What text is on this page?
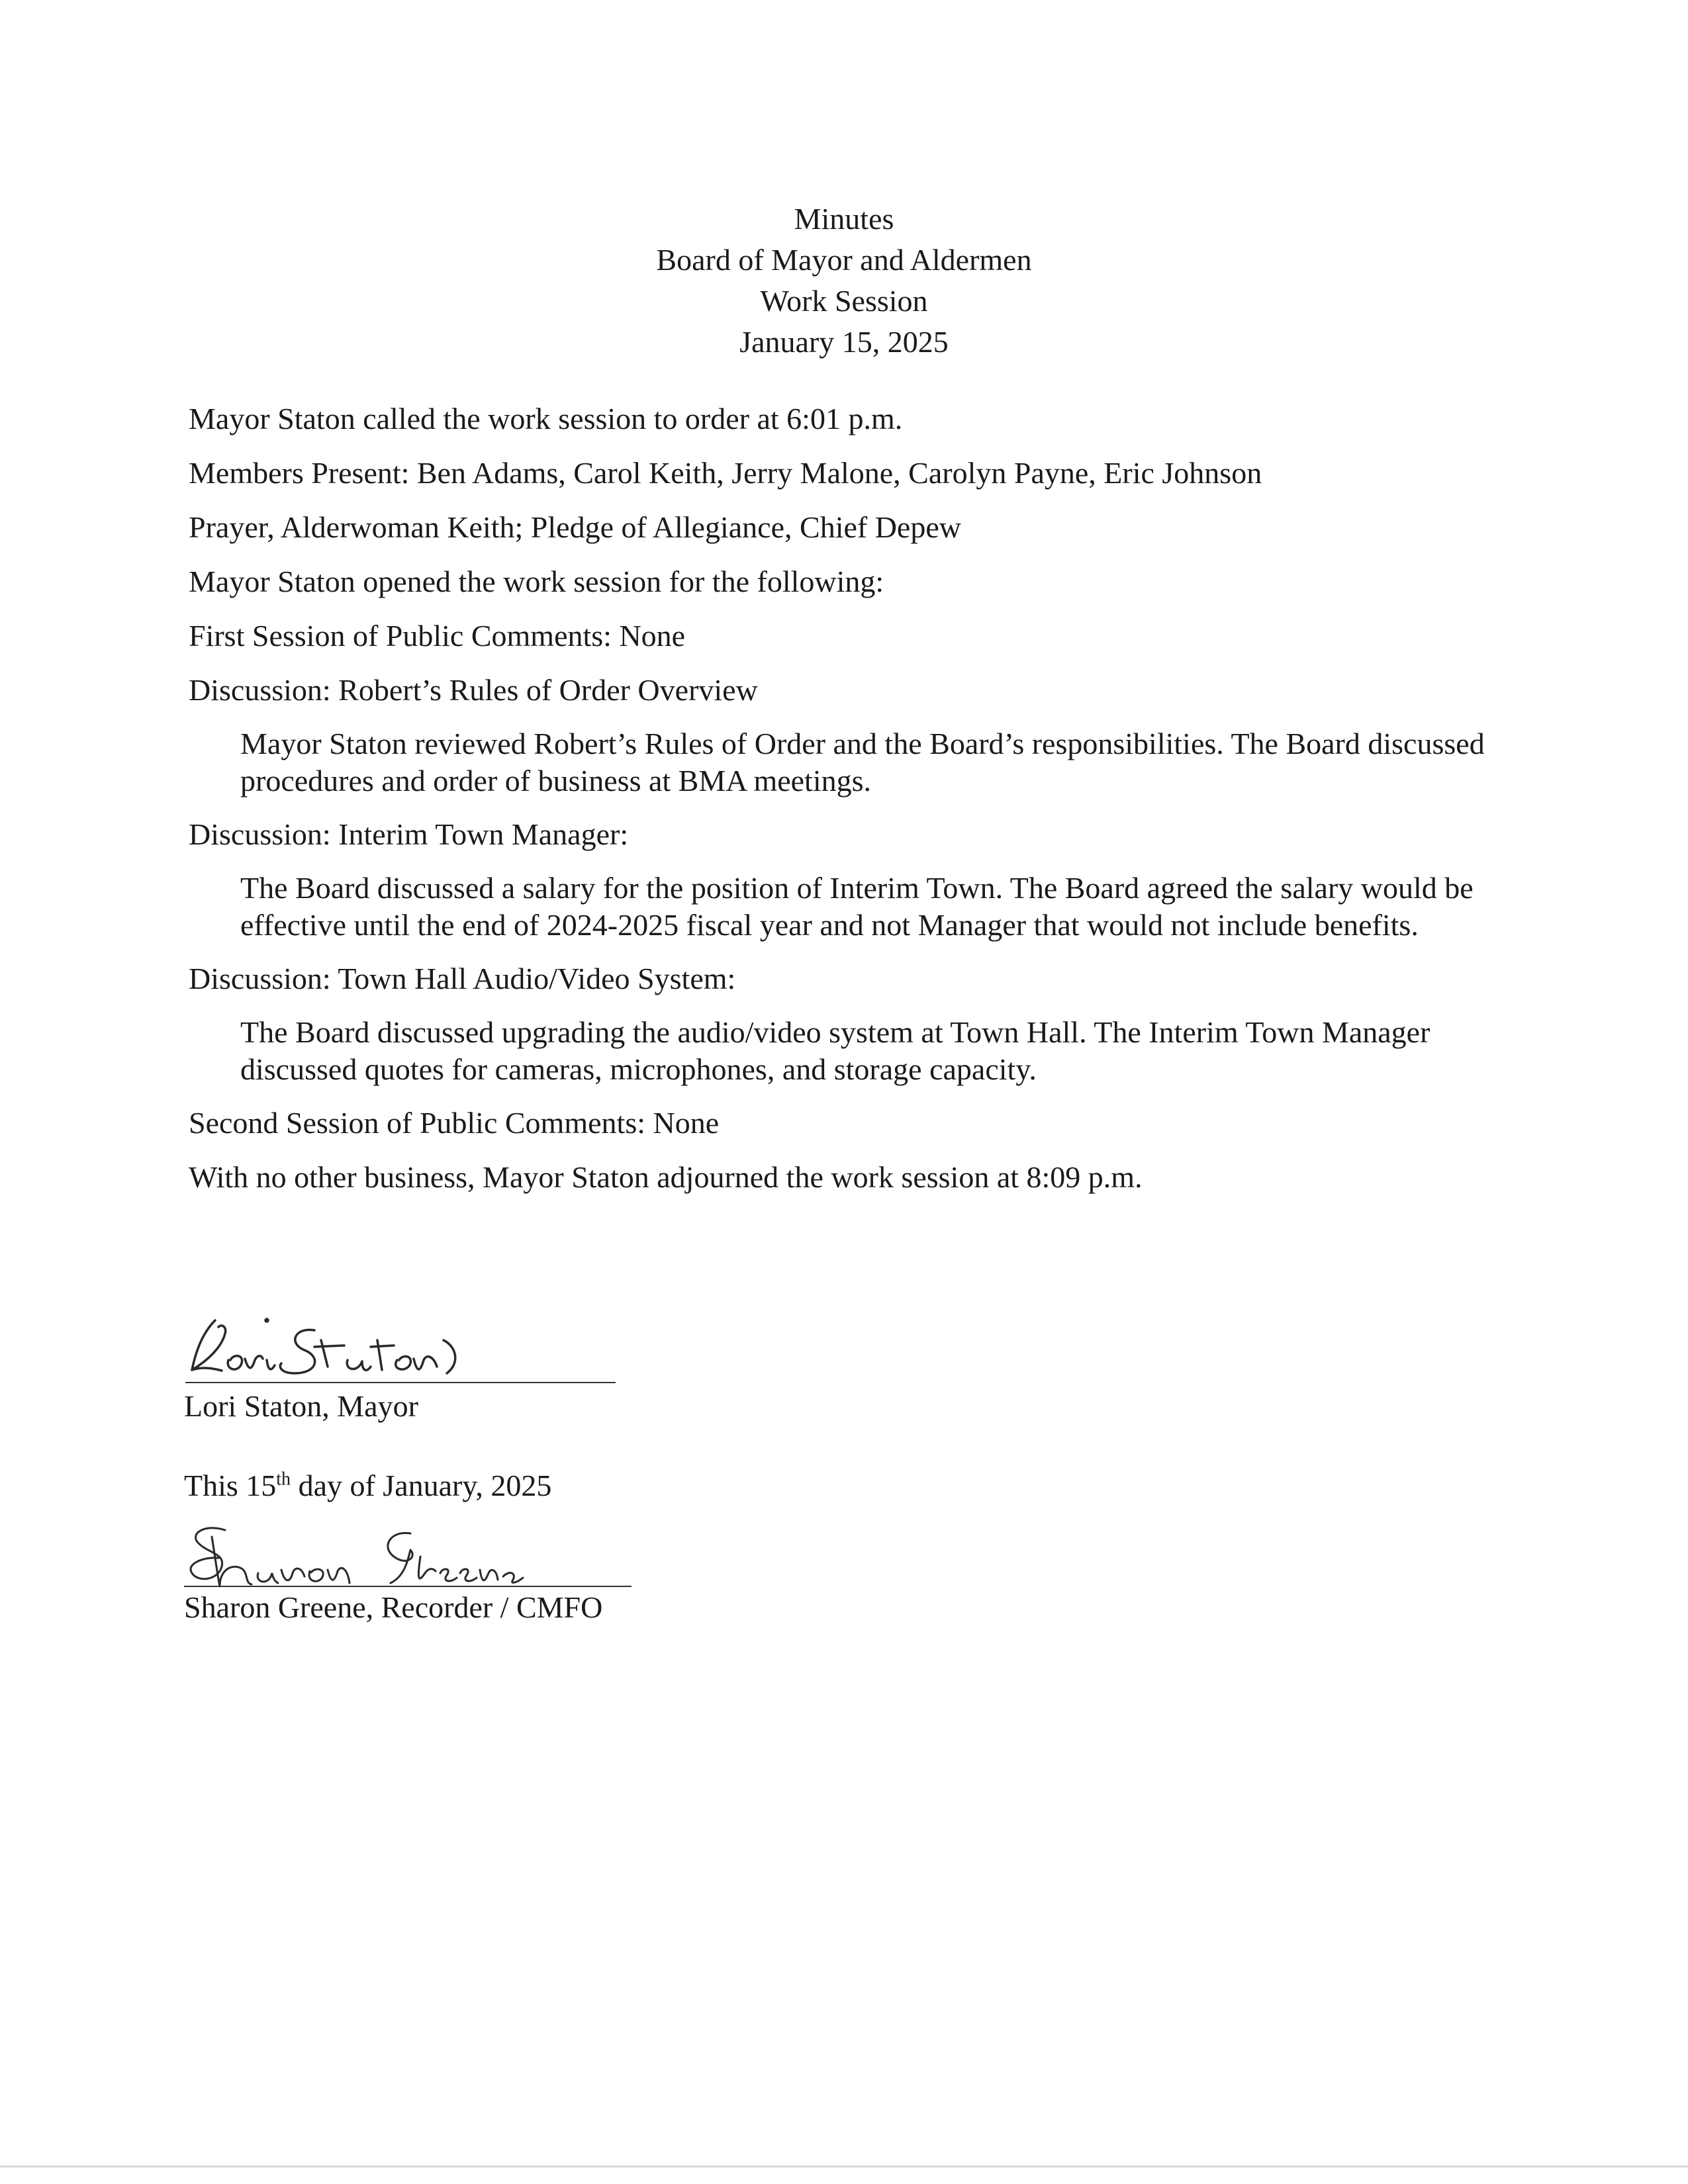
Minutes
Board of Mayor and Aldermen
Work Session
January 15, 2025

Mayor Staton called the work session to order at 6:01 p.m.

Members Present: Ben Adams, Carol Keith, Jerry Malone, Carolyn Payne, Eric Johnson

Prayer, Alderwoman Keith; Pledge of Allegiance, Chief Depew

Mayor Staton opened the work session for the following:

First Session of Public Comments: None

Discussion: Robert’s Rules of Order Overview

Mayor Staton reviewed Robert’s Rules of Order and the Board’s responsibilities. The Board discussed procedures and order of business at BMA meetings.

Discussion: Interim Town Manager:

The Board discussed a salary for the position of Interim Town. The Board agreed the salary would be effective until the end of 2024-2025 fiscal year and not Manager that would not include benefits.

Discussion: Town Hall Audio/Video System:

The Board discussed upgrading the audio/video system at Town Hall. The Interim Town Manager discussed quotes for cameras, microphones, and storage capacity.

Second Session of Public Comments: None

With no other business, Mayor Staton adjourned the work session at 8:09 p.m.

Lori Staton, Mayor
This 15th day of January, 2025
Sharon Greene, Recorder / CMFO
